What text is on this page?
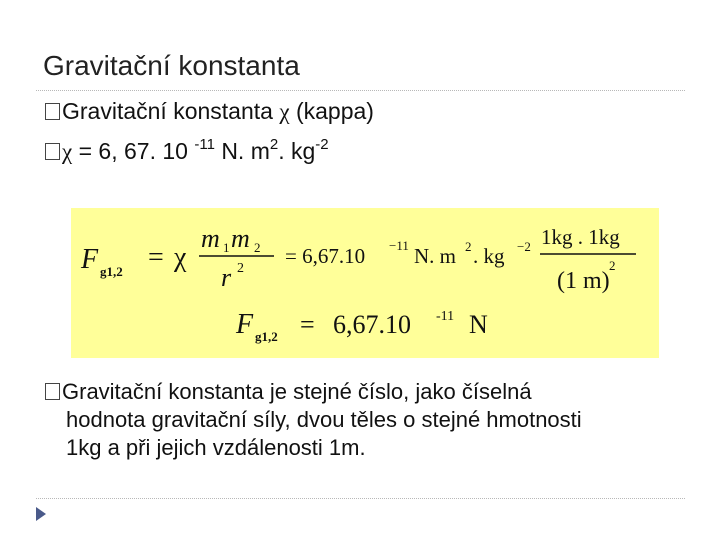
Gravitační konstanta
Gravitační konstanta χ (kappa)
χ = 6, 67. 10 $^{-11}$ N. $m^2$. $kg^{-2}$
F g1,2 = χ
m 1 m 2
r 2
= 6,67.10 −11 N. m 2 . kg −2 1kg . 1kg
(1 m)
2
F g1,2 = 6,67.10 -11 N
Gravitační konstanta je stejné číslo, jako číselná
hodnota gravitační síly, dvou těles o stejné hmotnosti
1kg a při jejich vzdálenosti 1m.
